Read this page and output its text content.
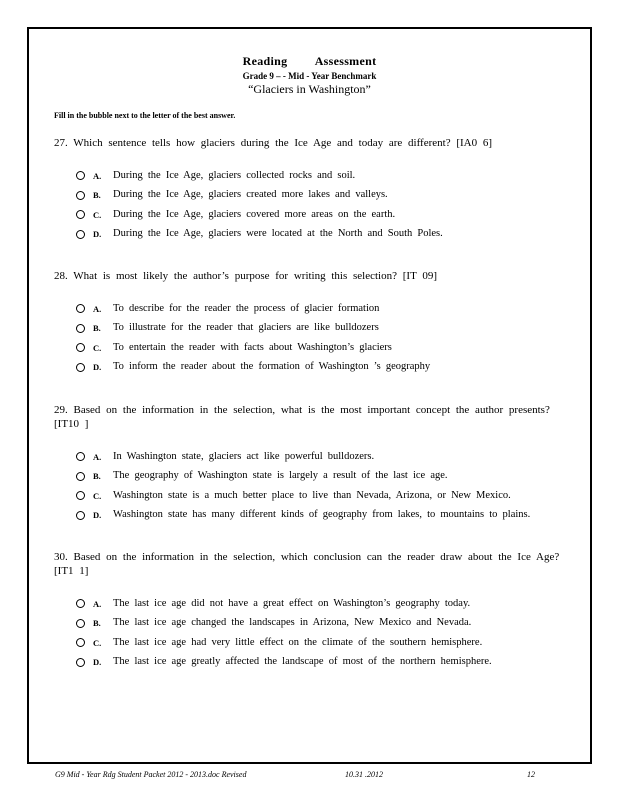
Reading Assessment
Grade 9 – - Mid - Year Benchmark
“Glaciers in Washington”
Fill in the bubble next to the letter of the best answer.
27. Which sentence tells how glaciers during the Ice Age and today are different? [IA0 6]
A.	During the Ice Age, glaciers collected rocks and soil.
B.	During the Ice Age, glaciers created more lakes and valleys.
C.	During the Ice Age, glaciers covered more areas on the earth.
D.	During the Ice Age, glaciers were located at the North and South Poles.
28. What is most likely the author’s purpose for writing this selection? [IT 09]
A.	To describe for the reader the process of glacier formation
B.	To illustrate for the reader that glaciers are like bulldozers
C.	To entertain the reader with facts about Washington’s glaciers
D.	To inform the reader about the formation of Washington ’s geography
29. Based on the information in the selection, what is the most important concept the author presents? [IT10 ]
A.	In Washington state, glaciers act like powerful bulldozers.
B.	The geography of Washington state is largely a result of the last ice age.
C.	Washington state is a much better place to live than Nevada, Arizona, or New Mexico.
D.	Washington state has many different kinds of geography from lakes, to mountains to plains.
30. Based on the information in the selection, which conclusion can the reader draw about the Ice Age? [IT1 1]
A.	The last ice age did not have a great effect on Washington’s geography today.
B.	The last ice age changed the landscapes in Arizona, New Mexico and Nevada.
C.	The last ice age had very little effect on the climate of the southern hemisphere.
D.	The last ice age greatly affected the landscape of most of the northern hemisphere.
G9 Mid - Year Rdg Student Packet 2012 - 2013.doc Revised	10.31 .2012	12
